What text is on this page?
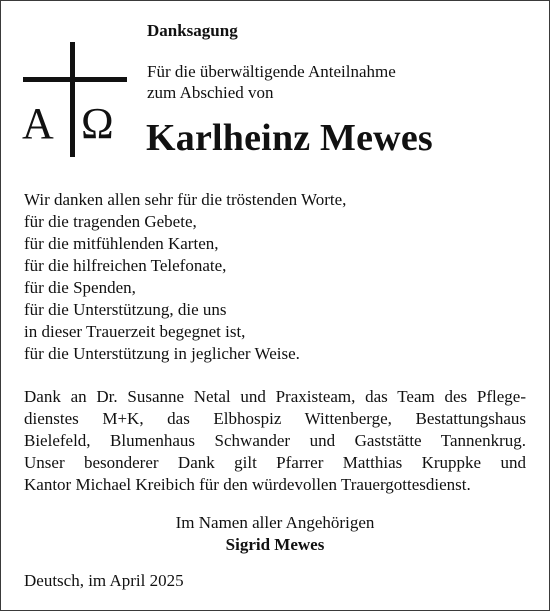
A Ω
Danksagung
Für die überwältigende Anteilnahme
zum Abschied von
Karlheinz Mewes
Wir danken allen sehr für die tröstenden Worte,
für die tragenden Gebete,
für die mitfühlenden Karten,
für die hilfreichen Telefonate,
für die Spenden,
für die Unterstützung, die uns
in dieser Trauerzeit begegnet ist,
für die Unterstützung in jeglicher Weise.
Dank an Dr. Susanne Netal und Praxisteam, das Team des Pflege-
dienstes M+K, das Elbhospiz Wittenberge, Bestattungshaus
Bielefeld, Blumenhaus Schwander und Gaststätte Tannenkrug.
Unser besonderer Dank gilt Pfarrer Matthias Kruppke und
Kantor Michael Kreibich für den würdevollen Trauergottesdienst.
Im Namen aller Angehörigen
Sigrid Mewes
Deutsch, im April 2025
